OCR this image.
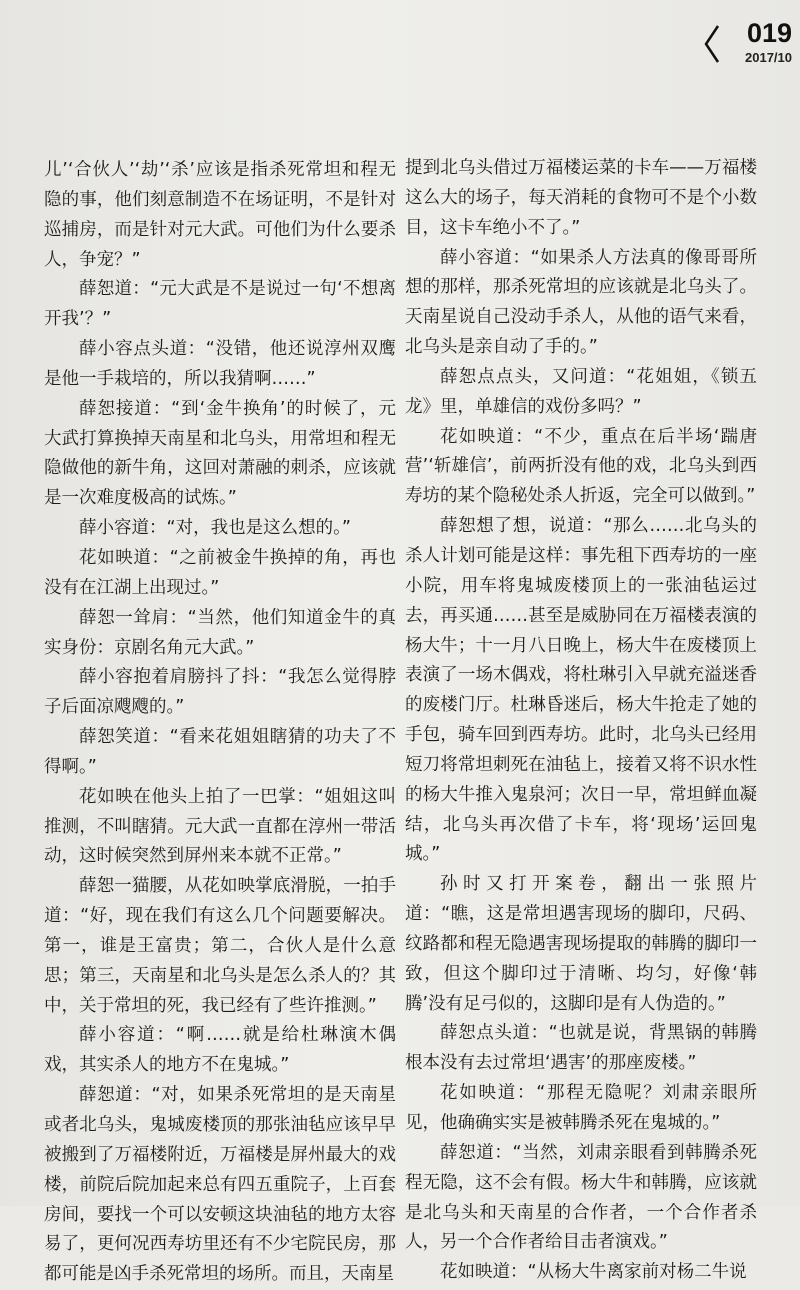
019
2017/10

儿’‘合伙人’‘劫’‘杀’应该是指杀死常坦和程无隐的事，他们刻意制造不在场证明，不是针对巡捕房，而是针对元大武。可他们为什么要杀人，争宠？”

薛恕道：“元大武是不是说过一句‘不想离开我’？”

薛小容点头道：“没错，他还说淳州双鹰是他一手栽培的，所以我猜啊……”

薛恕接道：“到‘金牛换角’的时候了，元大武打算换掉天南星和北乌头，用常坦和程无隐做他的新牛角，这回对萧融的刺杀，应该就是一次难度极高的试炼。”

薛小容道：“对，我也是这么想的。”

花如映道：“之前被金牛换掉的角，再也没有在江湖上出现过。”

薛恕一耸肩：“当然，他们知道金牛的真实身份：京剧名角元大武。”

薛小容抱着肩膀抖了抖：“我怎么觉得脖子后面凉飕飕的。”

薛恕笑道：“看来花姐姐瞎猜的功夫了不得啊。”

花如映在他头上拍了一巴掌：“姐姐这叫推测，不叫瞎猜。元大武一直都在淳州一带活动，这时候突然到屏州来本就不正常。”

薛恕一猫腰，从花如映掌底滑脱，一拍手道：“好，现在我们有这么几个问题要解决。第一，谁是王富贵；第二，合伙人是什么意思；第三，天南星和北乌头是怎么杀人的？其中，关于常坦的死，我已经有了些许推测。”

薛小容道：“啊……就是给杜琳演木偶戏，其实杀人的地方不在鬼城。”

薛恕道：“对，如果杀死常坦的是天南星或者北乌头，鬼城废楼顶的那张油毡应该早早被搬到了万福楼附近，万福楼是屏州最大的戏楼，前院后院加起来总有四五重院子，上百套房间，要找一个可以安顿这块油毡的地方太容易了，更何况西寿坊里还有不少宅院民房，那都可能是凶手杀死常坦的场所。而且，天南星

提到北乌头借过万福楼运菜的卡车——万福楼这么大的场子，每天消耗的食物可不是个小数目，这卡车绝小不了。”

薛小容道：“如果杀人方法真的像哥哥所想的那样，那杀死常坦的应该就是北乌头了。天南星说自己没动手杀人，从他的语气来看，北乌头是亲自动了手的。”

薛恕点点头，又问道：“花姐姐，《锁五龙》里，单雄信的戏份多吗？”

花如映道：“不少，重点在后半场‘踹唐营’‘斩雄信’，前两折没有他的戏，北乌头到西寿坊的某个隐秘处杀人折返，完全可以做到。”

薛恕想了想，说道：“那么……北乌头的杀人计划可能是这样：事先租下西寿坊的一座小院，用车将鬼城废楼顶上的一张油毡运过去，再买通……甚至是威胁同在万福楼表演的杨大牛；十一月八日晚上，杨大牛在废楼顶上表演了一场木偶戏，将杜琳引入早就充溢迷香的废楼门厅。杜琳昏迷后，杨大牛抢走了她的手包，骑车回到西寿坊。此时，北乌头已经用短刀将常坦刺死在油毡上，接着又将不识水性的杨大牛推入鬼泉河；次日一早，常坦鲜血凝结，北乌头再次借了卡车，将‘现场’运回鬼城。”

孙时又打开案卷，翻出一张照片道：“瞧，这是常坦遇害现场的脚印，尺码、纹路都和程无隐遇害现场提取的韩腾的脚印一致，但这个脚印过于清晰、均匀，好像‘韩腾’没有足弓似的，这脚印是有人伪造的。”

薛恕点头道：“也就是说，背黑锅的韩腾根本没有去过常坦‘遇害’的那座废楼。”

花如映道：“那程无隐呢？刘肃亲眼所见，他确确实实是被韩腾杀死在鬼城的。”

薛恕道：“当然，刘肃亲眼看到韩腾杀死程无隐，这不会有假。杨大牛和韩腾，应该就是北乌头和天南星的合作者，一个合作者杀人，另一个合作者给目击者演戏。”

花如映道：“从杨大牛离家前对杨二牛说
